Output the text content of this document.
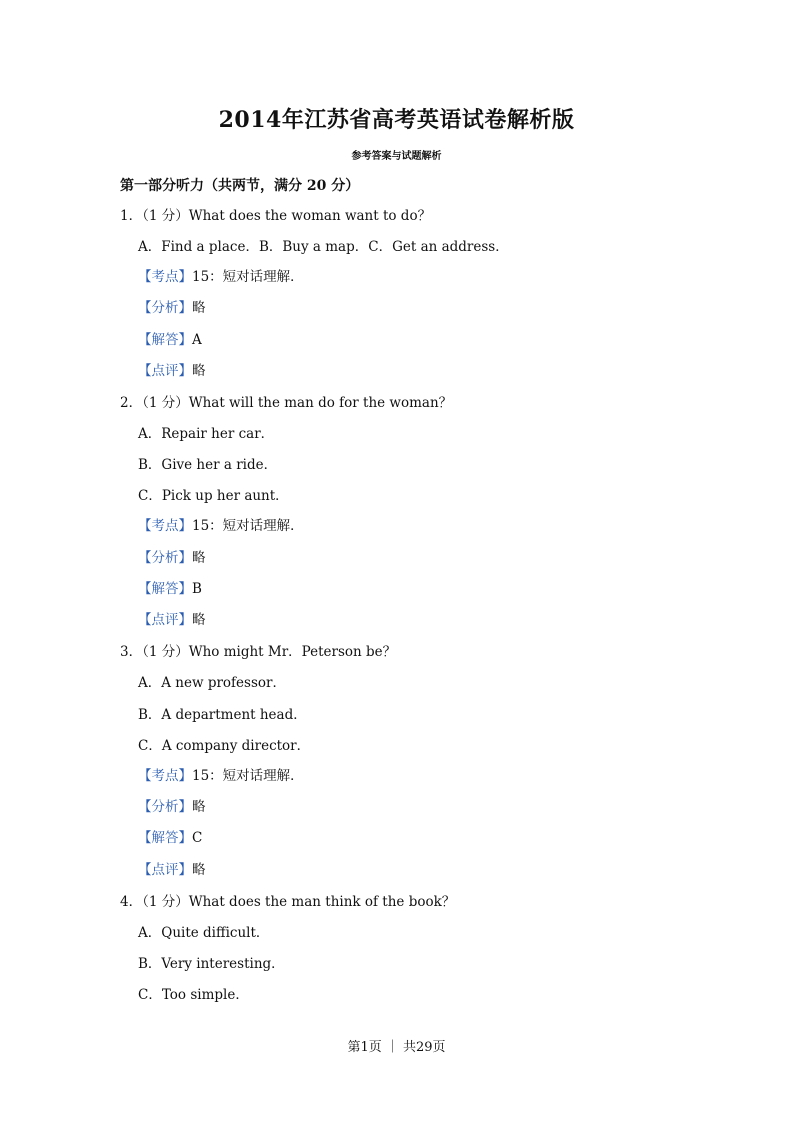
2014年江苏省高考英语试卷解析版
参考答案与试题解析
第一部分听力（共两节，满分 20 分）
1．（1 分）What does the woman want to do？
A．Find a place．B．Buy a map．C．Get an address．
【考点】15：短对话理解．
【分析】略
【解答】A
【点评】略
2．（1 分）What will the man do for the woman？
A．Repair her car．
B．Give her a ride．
C．Pick up her aunt．
【考点】15：短对话理解．
【分析】略
【解答】B
【点评】略
3．（1 分）Who might Mr．Peterson be？
A．A new professor．
B．A department head．
C．A company director．
【考点】15：短对话理解．
【分析】略
【解答】C
【点评】略
4．（1 分）What does the man think of the book？
A．Quite difficult．
B．Very interesting．
C．Too simple．
第1页 ｜ 共29页
